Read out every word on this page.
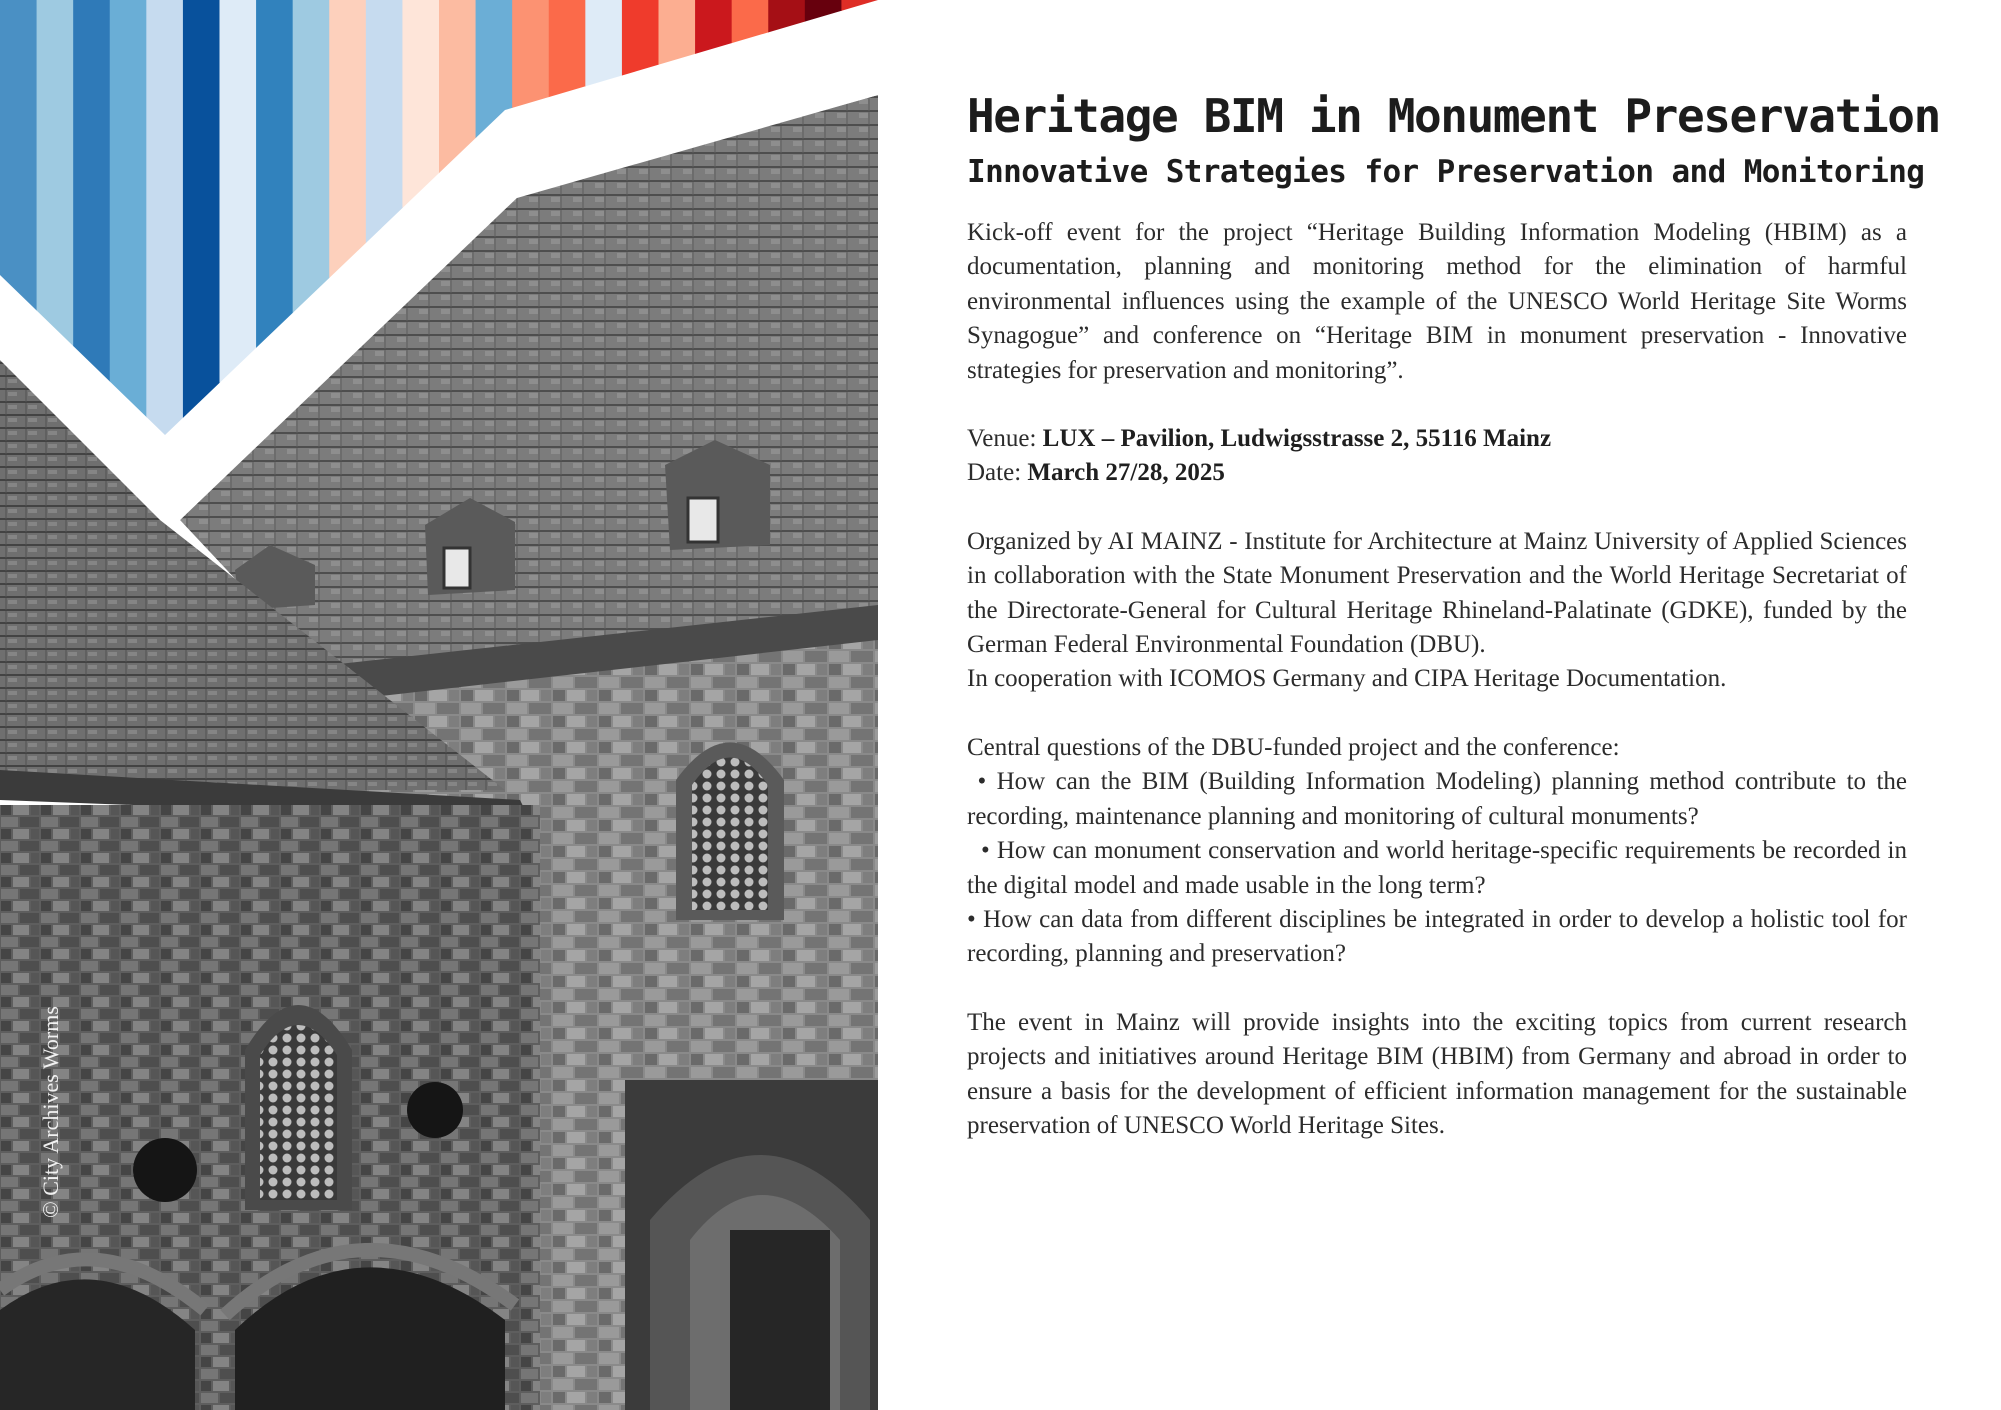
© City Archives Worms
Heritage BIM in Monument Preservation
Innovative Strategies for Preservation and Monitoring

Kick-off event for the project “Heritage Building Information Modeling (HBIM) as a documentation, planning and monitoring method for the elimination of harmful environmental influences using the example of the UNESCO World Heritage Site Worms Synagogue” and conference on “Heritage BIM in monument preservation - Innovative strategies for preservation and monitoring”.

Venue: LUX – Pavilion, Ludwigsstrasse 2, 55116 Mainz
Date: March 27/28, 2025

Organized by AI MAINZ - Institute for Architecture at Mainz University of Applied Sciences in collaboration with the State Monument Preservation and the World Heritage Secretariat of the Directorate-General for Cultural Heritage Rhineland-Palatinate (GDKE), funded by the German Federal Environmental Foundation (DBU).

In cooperation with ICOMOS Germany and CIPA Heritage Documentation.

Central questions of the DBU-funded project and the conference:

• How can the BIM (Building Information Modeling) planning method contribute to the recording, maintenance planning and monitoring of cultural monuments?

• How can monument conservation and world heritage-specific requirements be recorded in the digital model and made usable in the long term?

• How can data from different disciplines be integrated in order to develop a holistic tool for recording, planning and preservation?

The event in Mainz will provide insights into the exciting topics from current research projects and initiatives around Heritage BIM (HBIM) from Germany and abroad in order to ensure a basis for the development of efficient information management for the sustainable preservation of UNESCO World Heritage Sites.
